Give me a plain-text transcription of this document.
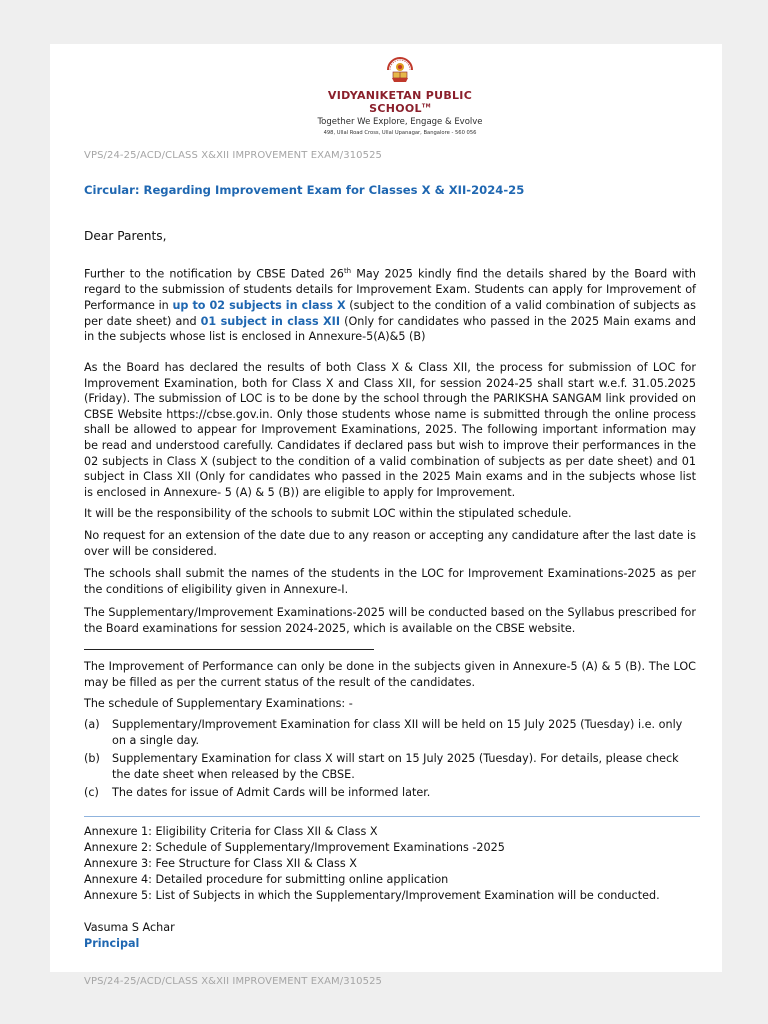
VIDYANIKETAN PUBLIC SCHOOL™
Together We Explore, Engage & Evolve
498, Ullal Road Cross, Ullal Upanagar, Bangalore - 560 056
VPS/24-25/ACD/CLASS X&XII IMPROVEMENT EXAM/310525
Circular: Regarding Improvement Exam for Classes X & XII-2024-25
Dear Parents,
Further to the notification by CBSE Dated 26th May 2025 kindly find the details shared by the Board with regard to the submission of students details for Improvement Exam. Students can apply for Improvement of Performance in up to 02 subjects in class X (subject to the condition of a valid combination of subjects as per date sheet) and 01 subject in class XII (Only for candidates who passed in the 2025 Main exams and in the subjects whose list is enclosed in Annexure-5(A)&5 (B)
As the Board has declared the results of both Class X & Class XII, the process for submission of LOC for Improvement Examination, both for Class X and Class XII, for session 2024-25 shall start w.e.f. 31.05.2025 (Friday). The submission of LOC is to be done by the school through the PARIKSHA SANGAM link provided on CBSE Website https://cbse.gov.in. Only those students whose name is submitted through the online process shall be allowed to appear for Improvement Examinations, 2025. The following important information may be read and understood carefully. Candidates if declared pass but wish to improve their performances in the 02 subjects in Class X (subject to the condition of a valid combination of subjects as per date sheet) and 01 subject in Class XII (Only for candidates who passed in the 2025 Main exams and in the subjects whose list is enclosed in Annexure- 5 (A) & 5 (B)) are eligible to apply for Improvement.
It will be the responsibility of the schools to submit LOC within the stipulated schedule.
No request for an extension of the date due to any reason or accepting any candidature after the last date is over will be considered.
The schools shall submit the names of the students in the LOC for Improvement Examinations-2025 as per the conditions of eligibility given in Annexure-I.
The Supplementary/Improvement Examinations-2025 will be conducted based on the Syllabus prescribed for the Board examinations for session 2024-2025, which is available on the CBSE website.
The Improvement of Performance can only be done in the subjects given in Annexure-5 (A) & 5 (B). The LOC may be filled as per the current status of the result of the candidates.
The schedule of Supplementary Examinations: -
(a)	Supplementary/Improvement Examination for class XII will be held on 15 July 2025 (Tuesday) i.e. only on a single day.
(b)	Supplementary Examination for class X will start on 15 July 2025 (Tuesday). For details, please check the date sheet when released by the CBSE.
(c)	The dates for issue of Admit Cards will be informed later.
Annexure 1: Eligibility Criteria for Class XII & Class X
Annexure 2: Schedule of Supplementary/Improvement Examinations -2025
Annexure 3: Fee Structure for Class XII & Class X
Annexure 4: Detailed procedure for submitting online application
Annexure 5: List of Subjects in which the Supplementary/Improvement Examination will be conducted.
Vasuma S Achar
Principal
VPS/24-25/ACD/CLASS X&XII IMPROVEMENT EXAM/310525
